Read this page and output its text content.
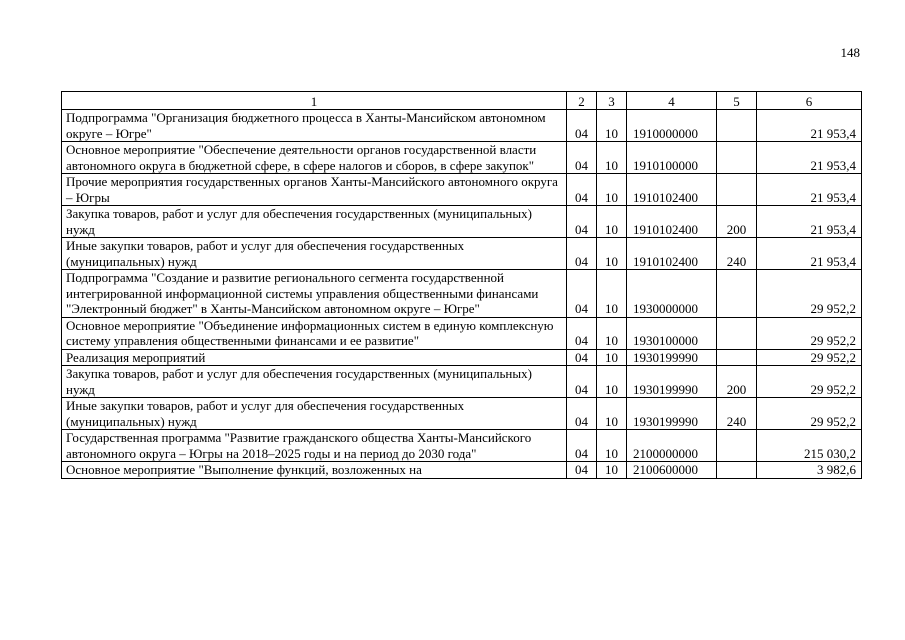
148
1	2	3	4	5	6
Подпрограмма "Организация бюджетного процесса в Ханты-Мансийском автономном округе – Югре"	04	10	1910000000		21 953,4
Основное мероприятие "Обеспечение деятельности органов государственной власти автономного округа в бюджетной сфере, в сфере налогов и сборов, в сфере закупок"	04	10	1910100000		21 953,4
Прочие мероприятия государственных органов Ханты-Мансийского автономного округа – Югры	04	10	1910102400		21 953,4
Закупка товаров, работ и услуг для обеспечения государственных (муниципальных) нужд	04	10	1910102400	200	21 953,4
Иные закупки товаров, работ и услуг для обеспечения государственных (муниципальных) нужд	04	10	1910102400	240	21 953,4
Подпрограмма "Создание и развитие регионального сегмента государственной интегрированной информационной системы управления общественными финансами "Электронный бюджет" в Ханты-Мансийском автономном округе – Югре"	04	10	1930000000		29 952,2
Основное мероприятие "Объединение информационных систем в единую комплексную систему управления общественными финансами и ее развитие"	04	10	1930100000		29 952,2
Реализация мероприятий	04	10	1930199990		29 952,2
Закупка товаров, работ и услуг для обеспечения государственных (муниципальных) нужд	04	10	1930199990	200	29 952,2
Иные закупки товаров, работ и услуг для обеспечения государственных (муниципальных) нужд	04	10	1930199990	240	29 952,2
Государственная программа "Развитие гражданского общества Ханты-Мансийского автономного округа – Югры на 2018–2025 годы и на период до 2030 года"	04	10	2100000000		215 030,2
Основное мероприятие "Выполнение функций, возложенных на	04	10	2100600000		3 982,6
